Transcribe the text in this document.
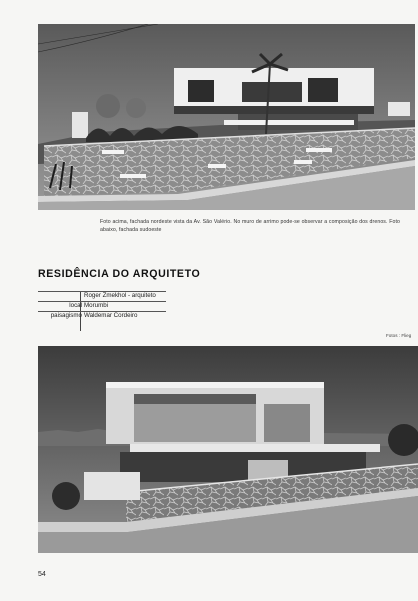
Foto acima, fachada nordeste vista da Av. São Valério. No muro de arrimo pode-se observar a composição dos drenos. Foto abaixo, fachada sudoeste
RESIDÊNCIA DO ARQUITETO
Roger Zmekhol - arquiteto
local Morumbi
paisagismo Waldemar Cordeiro
Fotos : Flieg
54
